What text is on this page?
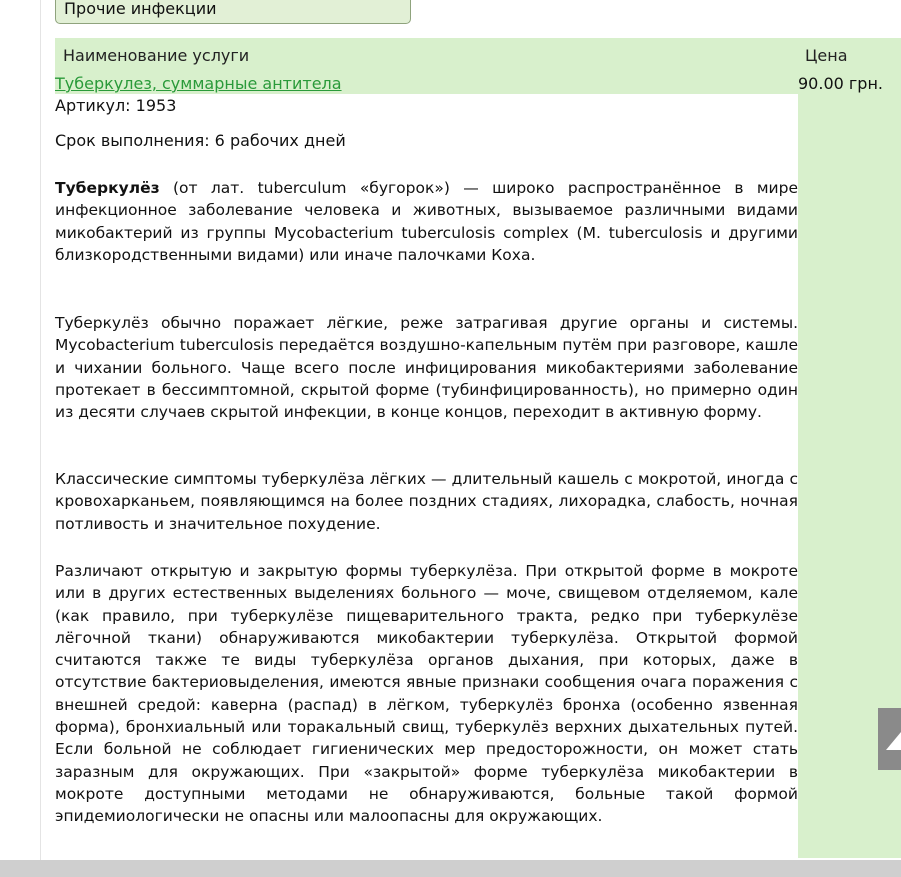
Прочие инфекции
Наименование услуги	Цена
Туберкулез, суммарные антитела	90.00 грн.
Артикул: 1953
Срок выполнения: 6 рабочих дней

Туберкулёз (от лат. tuberculum «бугорок») — широко распространённое в мире инфекционное заболевание человека и животных, вызываемое различными видами микобактерий из группы Mycobacterium tuberculosis complex (M. tuberculosis и другими близкородственными видами) или иначе палочками Коха.

Туберкулёз обычно поражает лёгкие, реже затрагивая другие органы и системы. Mycobacterium tuberculosis передаётся воздушно-капельным путём при разговоре, кашле и чихании больного. Чаще всего после инфицирования микобактериями заболевание протекает в бессимптомной, скрытой форме (тубинфицированность), но примерно один из десяти случаев скрытой инфекции, в конце концов, переходит в активную форму.

Классические симптомы туберкулёза лёгких — длительный кашель с мокротой, иногда с кровохарканьем, появляющимся на более поздних стадиях, лихорадка, слабость, ночная потливость и значительное похудение.

Различают открытую и закрытую формы туберкулёза. При открытой форме в мокроте или в других естественных выделениях больного — моче, свищевом отделяемом, кале (как правило, при туберкулёзе пищеварительного тракта, редко при туберкулёзе лёгочной ткани) обнаруживаются микобактерии туберкулёза. Открытой формой считаются также те виды туберкулёза органов дыхания, при которых, даже в отсутствие бактериовыделения, имеются явные признаки сообщения очага поражения с внешней средой: каверна (распад) в лёгком, туберкулёз бронха (особенно язвенная форма), бронхиальный или торакальный свищ, туберкулёз верхних дыхательных путей. Если больной не соблюдает гигиенических мер предосторожности, он может стать заразным для окружающих. При «закрытой» форме туберкулёза микобактерии в мокроте доступными методами не обнаруживаются, больные такой формой эпидемиологически не опасны или малоопасны для окружающих.
